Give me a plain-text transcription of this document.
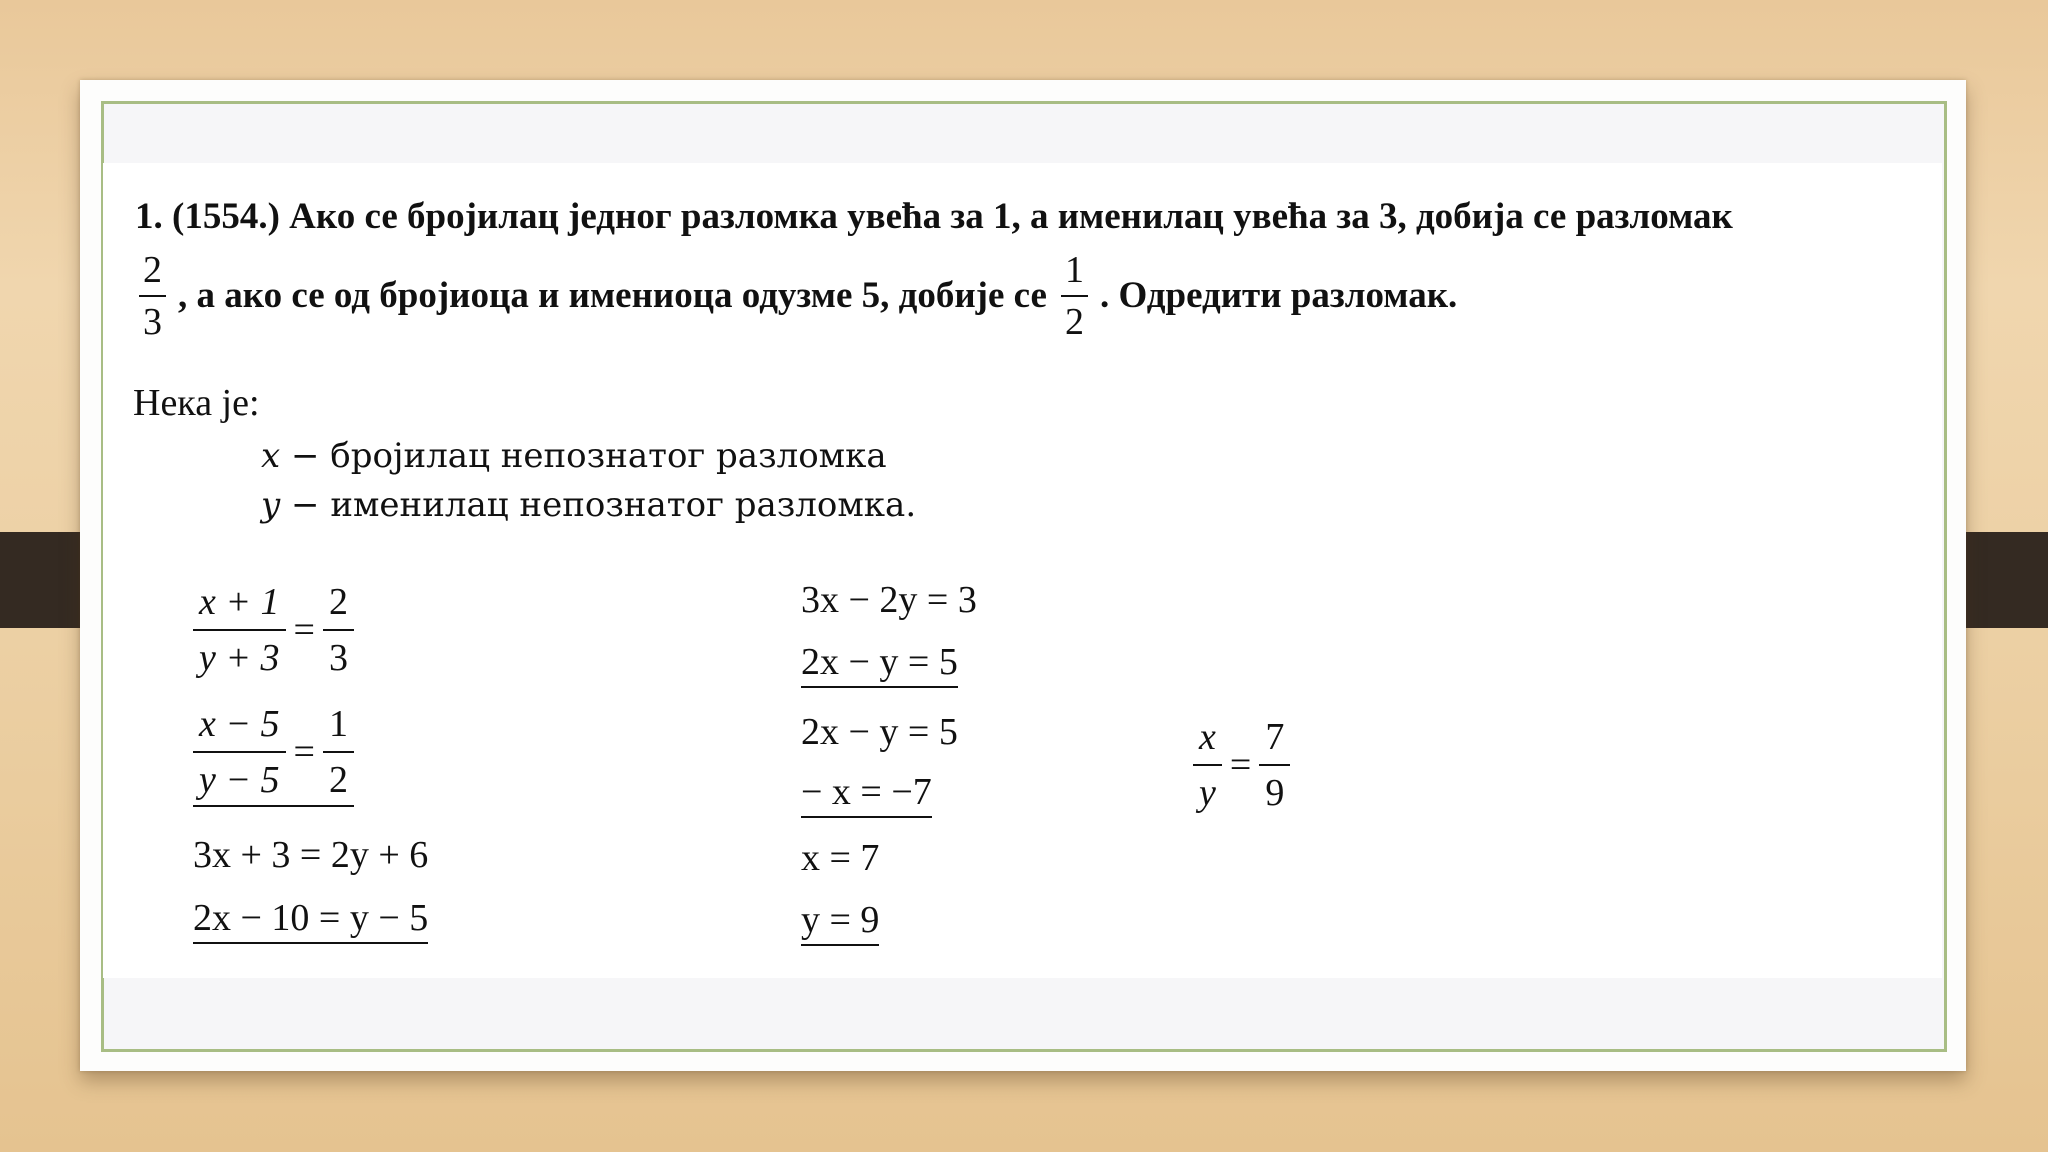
1. (1554.) Ако се бројилац једног разломка увећа за 1, а именилац увећа за 3, добија се разломак
$\frac{2}{3}$ , а ако се од бројиоца и имениоца одузме 5, добије се $\frac{1}{2}$ . Одредити разломак.
Нека је:
x − бројилац непознатог разломка
y − именилац непознатог разломка.
$\frac{x + 1}{y + 3} = \frac{2}{3}$
$\frac{x - 5}{y - 5} = \frac{1}{2}$
3x + 3 = 2y + 6
2x − 10 = y − 5
3x − 2y = 3
2x − y = 5
2x − y = 5
− x = −7
x = 7
y = 9
$\frac{x}{y} = \frac{7}{9}$
